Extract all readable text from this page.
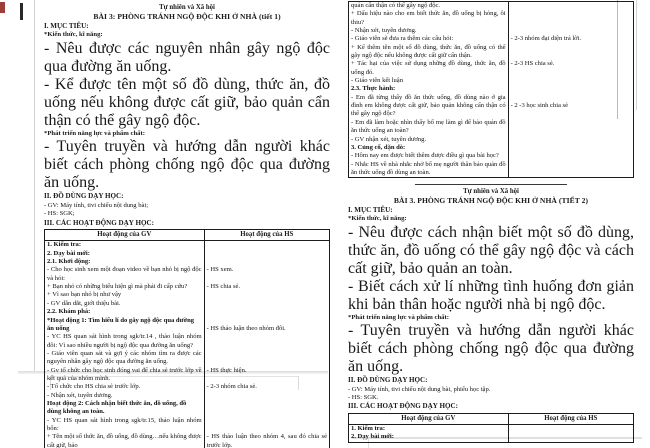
Tự nhiên và Xã hội
BÀI 3: PHÒNG TRÁNH NGỘ ĐỘC KHI Ở NHÀ (tiết 1)
I. MỤC TIÊU:
*Kiến thức, kĩ năng:
- Nêu được các nguyên nhân gây ngộ độc qua đường ăn uống.
- Kể được tên một số đồ dùng, thức ăn, đồ uống nếu không được cất giữ, bảo quản cẩn thận có thể gây ngộ độc.
*Phát triển năng lực và phẩm chất:
- Tuyên truyền và hướng dẫn người khác biết cách phòng chống ngộ độc qua đường ăn uống.
II. ĐỒ DÙNG DẠY HỌC:
- GV: Máy tính, tivi chiếu nội dung bài;
- HS: SGK;
III. CÁC HOẠT ĐỘNG DẠY HỌC:
Hoạt động của GV	Hoạt động của HS

1. Kiểm tra:

2. Dạy bài mới:

2.1. Khởi động:

- Cho học sinh xem một đoạn video về bạn nhỏ bị ngộ độc và hỏi:	- HS xem.

+ Bạn nhỏ có những biểu hiện gì mà phải đi cấp cứu?

+ Vì sao bạn nhỏ bị như vậy

- GV dẫn dắt, giới thiệu bài.	- HS chia sẻ.

2.2. Khám phá:

*Hoạt động 1: Tìm hiểu lí do gây ngộ độc qua đường ăn uống

- YC HS quan sát hình trong sgk/tr.14 , thảo luận nhóm đôi: Vì sao nhiều người bị ngộ độc qua đường ăn uống?

- Giáo viên quan sát và gợi ý các nhóm tìm ra được các nguyên nhân gây ngộ độc qua đường ăn uống.	- HS thảo luận theo nhóm đôi.

- Gv tổ chức cho học sinh đóng vai để chia sẻ trước lớp về kết quả của nhóm mình.	- HS thực hiện.

- Tổ chức cho HS chia sẻ trước lớp.

- Nhận xét, tuyên dương.	- 2-3 nhóm chia sẻ.

Hoạt động 2: Cách nhận biết thức ăn, đồ uống, đồ dùng không an toàn.

- YC HS quan sát hình trong sgk/tr.15, thảo luận nhóm bốn:	

+ Tên một số thức ăn, đồ uống, đồ dùng…nếu không được cất giữ, bảo	- HS thảo luận theo nhóm 4, sau đó chia sẻ trước lớp.

quản cẩn thận có thể gây ngộ độc.

+ Dấu hiệu nào cho em biết thức ăn, đồ uống bị hỏng, ôi thiu?

- Nhận xét, tuyên dương.	

- Giáo viên sẽ đưa ra thêm các câu hỏi:

+ Kể thêm tên một số đồ dùng, thức ăn, đồ uống có thể gây ngộ độc nếu không được cất giữ cẩn thận.	- 2-3 nhóm đại diện trả lời.

+ Tác hại của việc sử dụng những đồ dùng, thức ăn, đồ uống đó.

- Giáo viên kết luận	- 2-3 HS chia sẻ.

2.3. Thực hành:

- Em đã từng thấy đồ ăn thức uống, đồ dùng nào ở gia đình em không được cất giữ, bảo quản không cẩn thận có thể gây ngộ độc?

- Em đã làm hoặc nhìn thấy bố mẹ làm gì để bảo quản đồ ăn thức uống an toàn?

- GV nhận xét, tuyên dương.	- 2 -3 học sinh chia sẻ

3. Củng cố, dặn dò:

- Hôm nay em được biết thêm được điều gì qua bài học?

- Nhắc HS về nhà nhắc nhở bố mẹ người thân bảo quản đồ ăn thức uống đồ dùng an toàn.	

Tự nhiên và Xã hội
BÀI 3. PHÒNG TRÁNH NGỘ ĐỘC KHI Ở NHÀ (TIẾT 2)
I. MỤC TIÊU:
*Kiến thức, kĩ năng:
- Nêu được cách nhận biết một số đồ dùng, thức ăn, đồ uống có thể gây ngộ độc và cách cất giữ, bảo quản an toàn.
- Biết cách xử lí những tình huống đơn giản khi bản thân hoặc người nhà bị ngộ độc.
*Phát triển năng lực và phẩm chất:
- Tuyên truyền và hướng dẫn người khác biết cách phòng chống ngộ độc qua đường ăn uống.
II. ĐỒ DÙNG DẠY HỌC:
- GV: Máy tính, tivi chiếu nội dung bài, phiếu học tập.
- HS: SGK.
III. CÁC HOẠT ĐỘNG DẠY HỌC:
Hoạt động của GV	Hoạt động của HS

1. Kiểm tra:

2. Dạy bài mới:	
